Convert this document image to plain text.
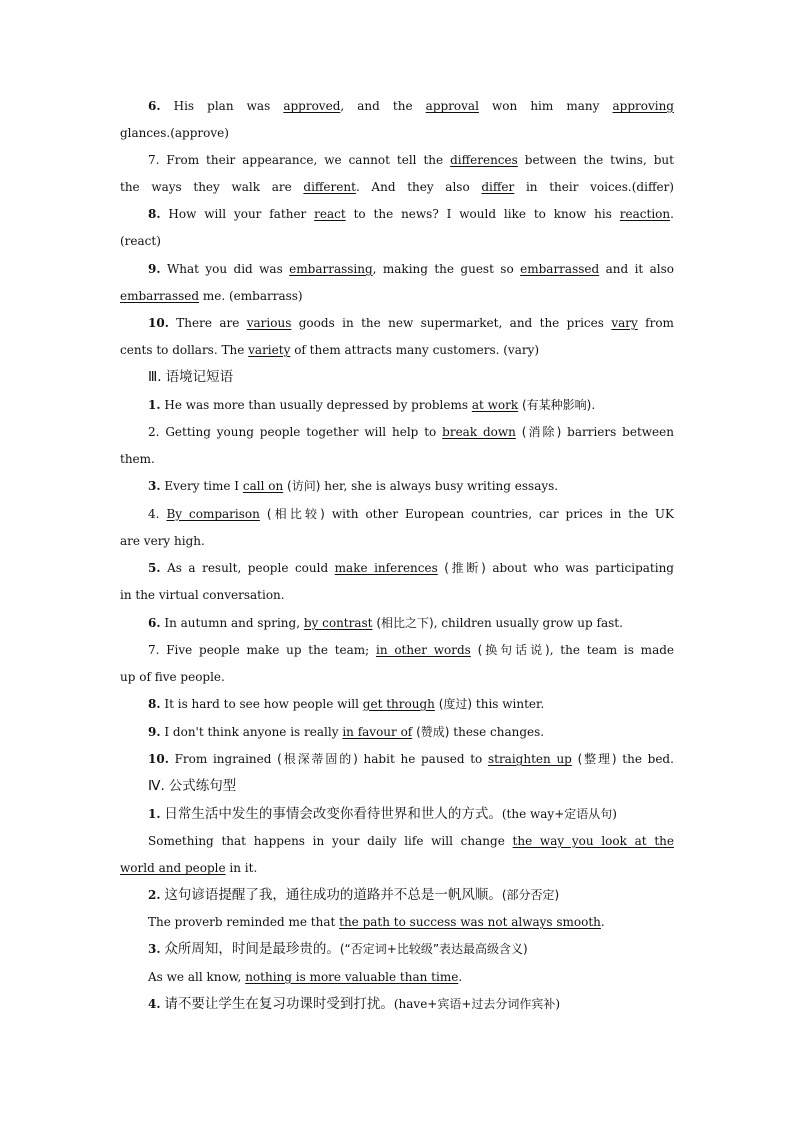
6. His plan was approved, and the approval won him many approving
glances.(approve)
7. From their appearance, we cannot tell the differences between the twins, but
the ways they walk are different. And they also differ in their voices.(differ)
8. How will your father react to the news? I would like to know his reaction.
(react)
9. What you did was embarrassing, making the guest so embarrassed and it also
embarrassed me. (embarrass)
10. There are various goods in the new supermarket, and the prices vary from
cents to dollars. The variety of them attracts many customers. (vary)
Ⅲ. 语境记短语
1. He was more than usually depressed by problems at work (有某种影响).
2. Getting young people together will help to break down (消除) barriers between
them.
3. Every time I call on (访问) her, she is always busy writing essays.
4. By comparison (相比较) with other European countries, car prices in the UK
are very high.
5. As a result, people could make inferences (推断) about who was participating
in the virtual conversation.
6. In autumn and spring, by contrast (相比之下), children usually grow up fast.
7. Five people make up the team; in other words (换句话说), the team is made
up of five people.
8. It is hard to see how people will get through (度过) this winter.
9. I don't think anyone is really in favour of (赞成) these changes.
10. From ingrained (根深蒂固的) habit he paused to straighten up (整理) the bed.
Ⅳ. 公式练句型
1. 日常生活中发生的事情会改变你看待世界和世人的方式。(the way+定语从句)
Something that happens in your daily life will change the way you look at the
world and people in it.
2. 这句谚语提醒了我，通往成功的道路并不总是一帆风顺。(部分否定)
The proverb reminded me that the path to success was not always smooth.
3. 众所周知，时间是最珍贵的。(“否定词+比较级”表达最高级含义)
As we all know, nothing is more valuable than time.
4. 请不要让学生在复习功课时受到打扰。(have+宾语+过去分词作宾补)
